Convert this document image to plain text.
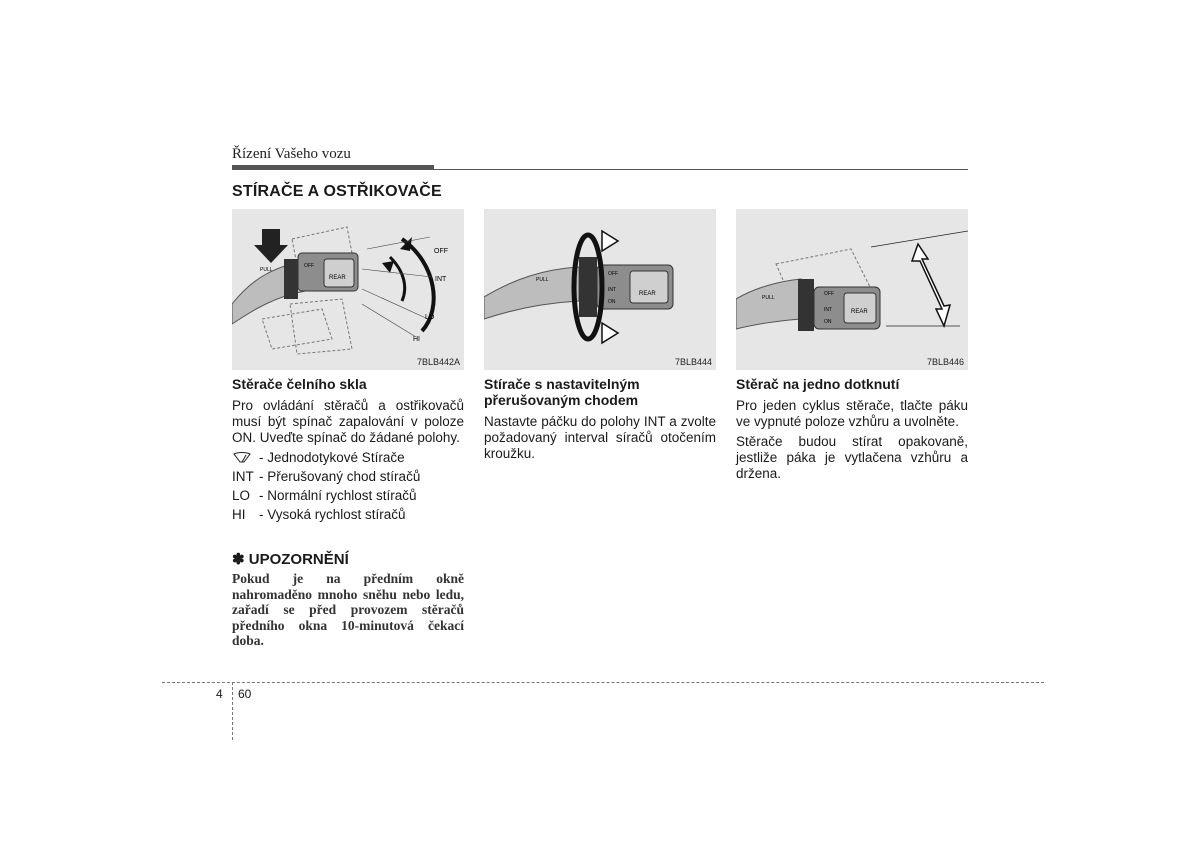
Řízení Vašeho vozu
STÍRAČE A OSTŘIKOVAČE
REAR
OFF
PULL
OFF
INT
LO
HI
7BLB442A
REAR
OFF
INT
ON
PULL
7BLB444
REAR
OFF
INT
ON
PULL
7BLB446
Stěrače čelního skla

Pro ovládání stěračů a ostřikovačů musí být spínač zapalování v poloze ON. Uveďte spínač do žádané polohy.

- Jednodotykové Stírače
INT - Přerušovaný chod stíračů
LO - Normální rychlost stíračů
HI	- Vysoká rychlost stíračů
Stírače s nastavitelným přerušovaným chodem

Nastavte páčku do polohy INT a zvolte požadovaný interval síračů otočením kroužku.

Stěrač na jedno dotknutí

Pro jeden cyklus stěrače, tlačte páku ve vypnuté poloze vzhůru a uvolněte.

Stěrače budou stírat opakovaně, jestliže páka je vytlačena vzhůru a držena.

✽ UPOZORNĚNÍ
Pokud je na předním okně nahromaděno mnoho sněhu nebo ledu, zařadí se před provozem stěračů předního okna 10-minutová čekací doba.
4 60
